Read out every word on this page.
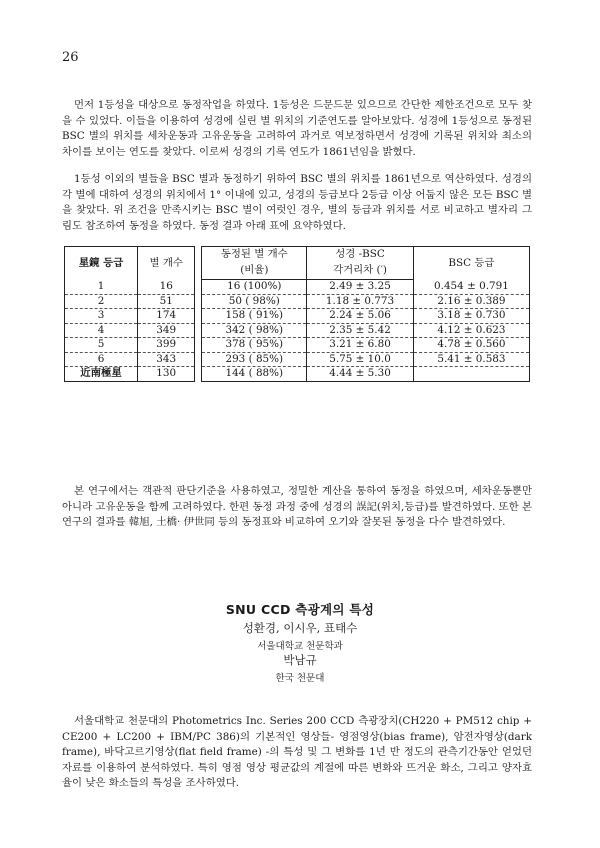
26

먼저 1등성을 대상으로 동정작업을 하였다. 1등성은 드문드문 있으므로 간단한 제한조건으로 모두 찾을 수 있었다. 이들을 이용하여 성경에 실린 별 위치의 기준연도를 알아보았다. 성경에 1등성으로 동정된 BSC 별의 위치를 세차운동과 고유운동을 고려하여 과거로 역보정하면서 성경에 기록된 위치와 최소의 차이를 보이는 연도를 찾았다. 이로써 성경의 기록 연도가 1861년임을 밝혔다.

1등성 이외의 별들을 BSC 별과 동정하기 위하여 BSC 별의 위치를 1861년으로 역산하였다. 성경의 각 별에 대하여 성경의 위치에서 1° 이내에 있고, 성경의 등급보다 2등급 이상 어둡지 않은 모든 BSC 별을 찾았다. 위 조건을 만족시키는 BSC 별이 여럿인 경우, 별의 등급과 위치를 서로 비교하고 별자리 그림도 참조하여 동정을 하였다. 동정 결과 아래 표에 요약하였다.

星鏡 등급	별 개수		동정된 별 개수	성경 -BSC	BSC 등급
			(비율)	각거리차 (′)	
1	16		16 (100%)	2.49 ± 3.25	0.454 ± 0.791
2	51		50 ( 98%)	1.18 ± 0.773	2.16 ± 0.389
3	174		158 ( 91%)	2.24 ± 5.06	3.18 ± 0.730
4	349		342 ( 98%)	2.35 ± 5.42	4.12 ± 0.623
5	399		378 ( 95%)	3.21 ± 6.80	4.78 ± 0.560
6	343		293 ( 85%)	5.75 ± 10.0	5.41 ± 0.583
近南極星	130		144 ( 88%)	4.44 ± 5.30	

본 연구에서는 객관적 판단기준을 사용하였고, 정밀한 계산을 통하여 동정을 하였으며, 세차운동뿐만 아니라 고유운동을 함께 고려하였다. 한편 동정 과정 중에 성경의 誤記(위치,등급)를 발견하였다. 또한 본 연구의 결과를 韓旭, 土橋· 伊世同 등의 동정표와 비교하여 오기와 잘못된 동정을 다수 발견하였다.

SNU CCD 측광계의 특성
성환경, 이시우, 표태수
서울대학교 천문학과
박남규
한국 천문대

서울대학교 천문대의 Photometrics Inc. Series 200 CCD 측광장치(CH220 + PM512 chip + CE200 + LC200 + IBM/PC 386)의 기본적인 영상들- 영점영상(bias frame), 암전자영상(dark frame), 바닥고르기영상(flat field frame) -의 특성 및 그 변화를 1년 반 정도의 관측기간동안 얻었던 자료를 이용하여 분석하였다. 특히 영점 영상 평균값의 계절에 따른 변화와 뜨거운 화소, 그리고 양자효율이 낮은 화소들의 특성을 조사하였다.
